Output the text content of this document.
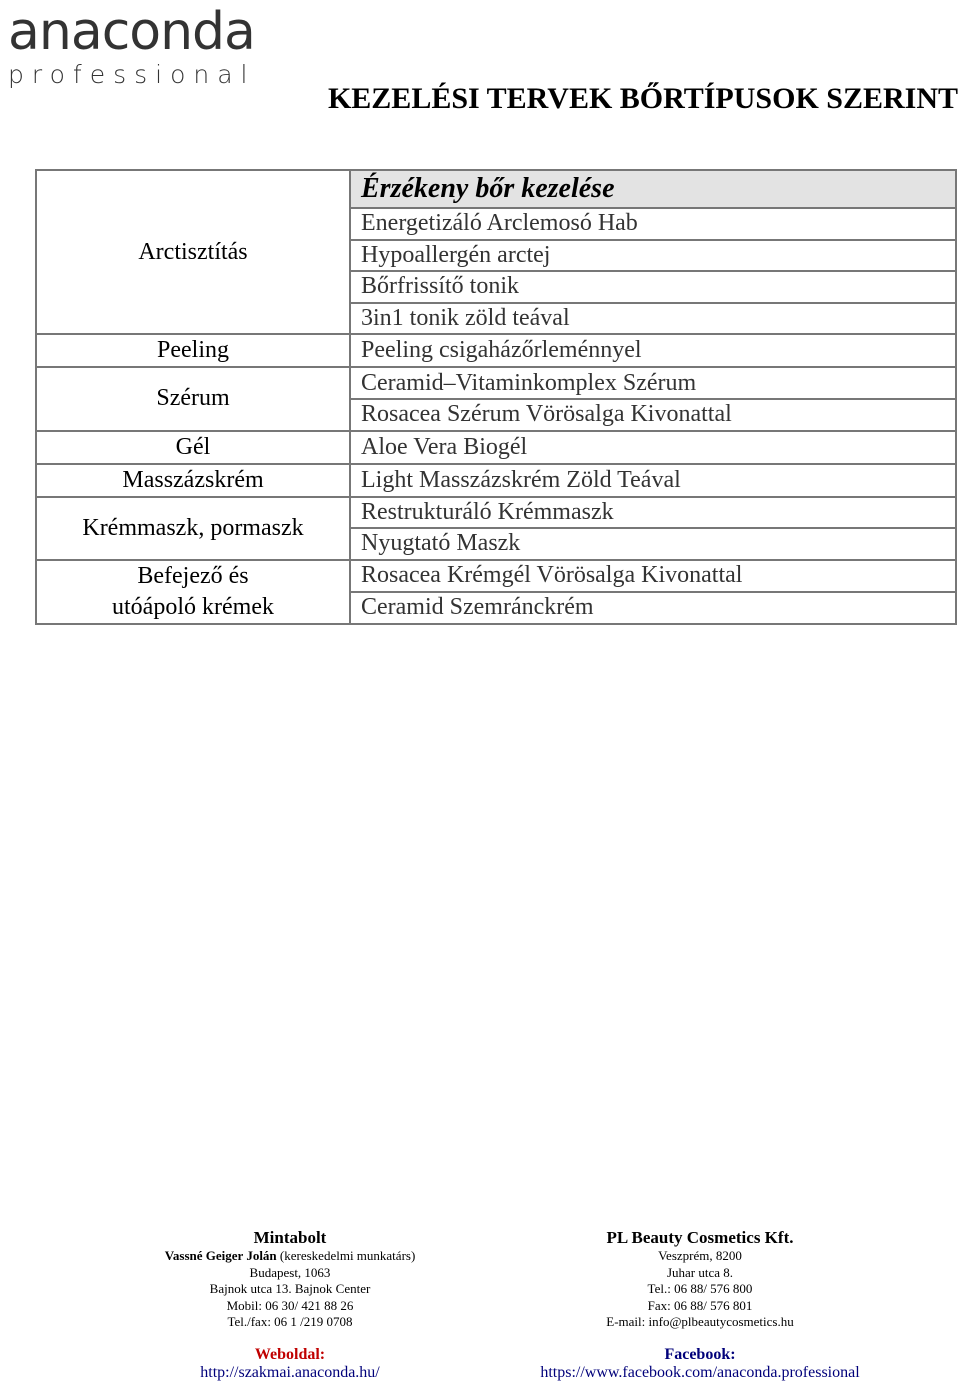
anaconda
professional
KEZELÉSI TERVEK BŐRTÍPUSOK SZERINT
Arctisztítás	Érzékeny bőr kezelése
	Energetizáló Arclemosó Hab
	Hypoallergén arctej
	Bőrfrissítő tonik
	3in1 tonik zöld teával

Peeling	Peeling csigaházőrleménnyel

Szérum	Ceramid–Vitaminkomplex Szérum
	Rosacea Szérum Vörösalga Kivonattal

Gél	Aloe Vera Biogél

Masszázskrém	Light Masszázskrém Zöld Teával

Krémmaszk, pormaszk	Restrukturáló Krémmaszk
	Nyugtató Maszk

Befejező és utóápoló krémek	Rosacea Krémgél Vörösalga Kivonattal
	Ceramid Szemránckrém
Mintabolt
Vassné Geiger Jolán (kereskedelmi munkatárs)
Budapest, 1063
Bajnok utca 13. Bajnok Center
Mobil: 06 30/ 421 88 26
Tel./fax: 06 1 /219 0708
Weboldal:
http://szakmai.anaconda.hu/
PL Beauty Cosmetics Kft.
Veszprém, 8200
Juhar utca 8.
Tel.: 06 88/ 576 800
Fax: 06 88/ 576 801
E-mail: info@plbeautycosmetics.hu
Facebook:
https://www.facebook.com/anaconda.professional
